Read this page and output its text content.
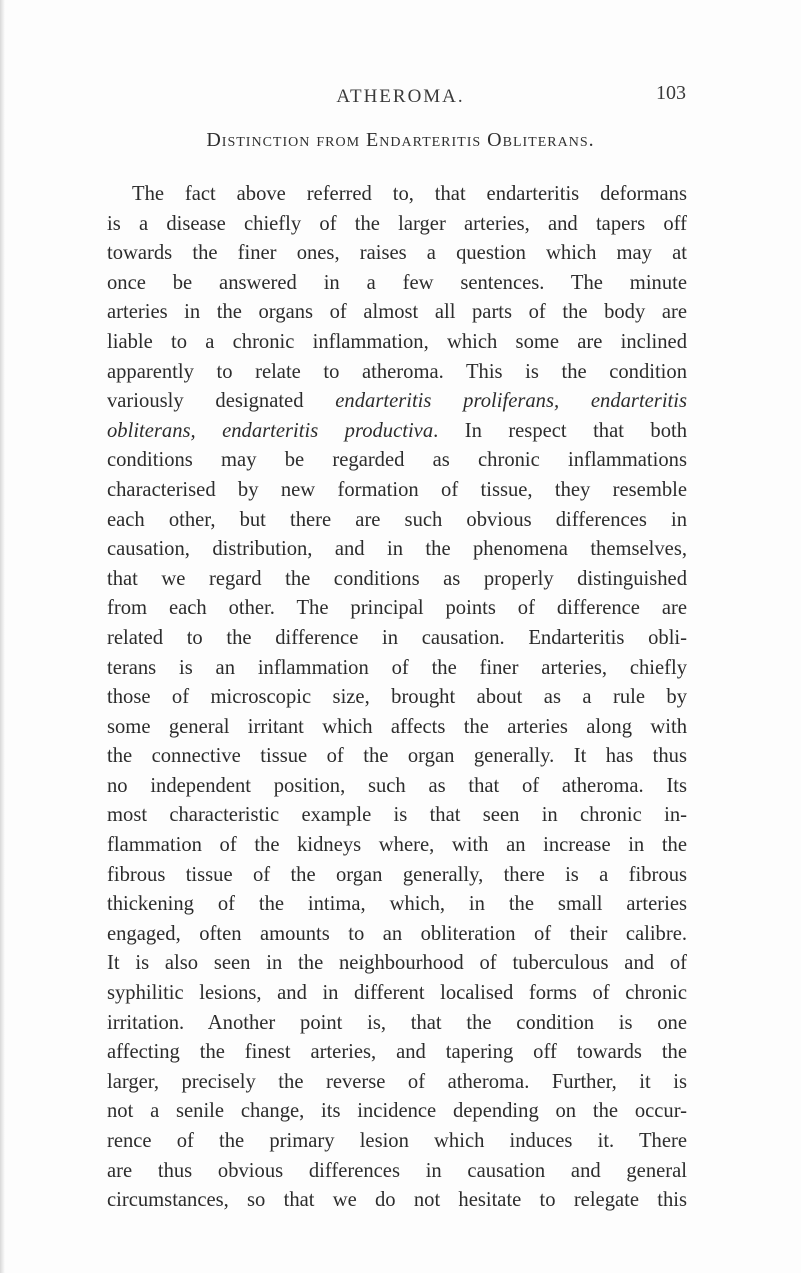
ATHEROMA.	103
Distinction from Endarteritis Obliterans.
The fact above referred to, that endarteritis deformans
is a disease chiefly of the larger arteries, and tapers off
towards the finer ones, raises a question which may at
once be answered in a few sentences. The minute
arteries in the organs of almost all parts of the body are
liable to a chronic inflammation, which some are inclined
apparently to relate to atheroma. This is the condition
variously designated endarteritis proliferans, endarteritis
obliterans, endarteritis productiva. In respect that both
conditions may be regarded as chronic inflammations
characterised by new formation of tissue, they resemble
each other, but there are such obvious differences in
causation, distribution, and in the phenomena themselves,
that we regard the conditions as properly distinguished
from each other. The principal points of difference are
related to the difference in causation. Endarteritis obli-
terans is an inflammation of the finer arteries, chiefly
those of microscopic size, brought about as a rule by
some general irritant which affects the arteries along with
the connective tissue of the organ generally. It has thus
no independent position, such as that of atheroma. Its
most characteristic example is that seen in chronic in-
flammation of the kidneys where, with an increase in the
fibrous tissue of the organ generally, there is a fibrous
thickening of the intima, which, in the small arteries
engaged, often amounts to an obliteration of their calibre.
It is also seen in the neighbourhood of tuberculous and of
syphilitic lesions, and in different localised forms of chronic
irritation. Another point is, that the condition is one
affecting the finest arteries, and tapering off towards the
larger, precisely the reverse of atheroma. Further, it is
not a senile change, its incidence depending on the occur-
rence of the primary lesion which induces it. There
are thus obvious differences in causation and general
circumstances, so that we do not hesitate to relegate this
